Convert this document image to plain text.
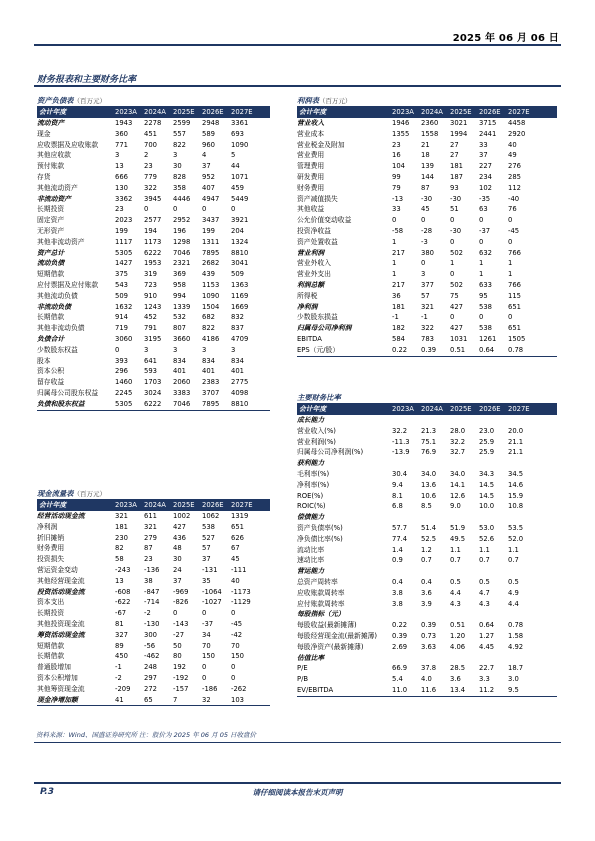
2025 年 06 月 06 日
财务报表和主要财务比率
资产负债表（百万元）
会计年度	2023A	2024A	2025E	2026E	2027E
流动资产	1943	2278	2599	2948	3361
现金	360	451	557	589	693
应收票据及应收账款	771	700	822	960	1090
其他应收款	3	2	3	4	5
预付账款	13	23	30	37	44
存货	666	779	828	952	1071
其他流动资产	130	322	358	407	459
非流动资产	3362	3945	4446	4947	5449
长期投资	23	0	0	0	0
固定资产	2023	2577	2952	3437	3921
无形资产	199	194	196	199	204
其他非流动资产	1117	1173	1298	1311	1324
资产总计	5305	6222	7046	7895	8810
流动负债	1427	1953	2321	2682	3041
短期借款	375	319	369	439	509
应付票据及应付账款	543	723	958	1153	1363
其他流动负债	509	910	994	1090	1169
非流动负债	1632	1243	1339	1504	1669
长期借款	914	452	532	682	832
其他非流动负债	719	791	807	822	837
负债合计	3060	3195	3660	4186	4709
少数股东权益	0	3	3	3	3
股本	393	641	834	834	834
资本公积	296	593	401	401	401
留存收益	1460	1703	2060	2383	2775
归属母公司股东权益	2245	3024	3383	3707	4098
负债和股东权益	5305	6222	7046	7895	8810
利润表（百万元）
会计年度	2023A	2024A	2025E	2026E	2027E
营业收入	1946	2360	3021	3715	4458
营业成本	1355	1558	1994	2441	2920
营业税金及附加	23	21	27	33	40
营业费用	16	18	27	37	49
管理费用	104	139	181	227	276
研发费用	99	144	187	234	285
财务费用	79	87	93	102	112
资产减值损失	-13	-30	-30	-35	-40
其他收益	33	45	51	63	76
公允价值变动收益	0	0	0	0	0
投资净收益	-58	-28	-30	-37	-45
资产处置收益	1	-3	0	0	0
营业利润	217	380	502	632	766
营业外收入	1	0	1	1	1
营业外支出	1	3	0	1	1
利润总额	217	377	502	633	766
所得税	36	57	75	95	115
净利润	181	321	427	538	651
少数股东损益	-1	-1	0	0	0
归属母公司净利润	182	322	427	538	651
EBITDA	584	783	1031	1261	1505
EPS（元/股）	0.22	0.39	0.51	0.64	0.78
主要财务比率
会计年度	2023A	2024A	2025E	2026E	2027E
成长能力
营业收入(%)	32.2	21.3	28.0	23.0	20.0
营业利润(%)	-11.3	75.1	32.2	25.9	21.1
归属母公司净利润(%)	-13.9	76.9	32.7	25.9	21.1
获利能力
毛利率(%)	30.4	34.0	34.0	34.3	34.5
净利率(%)	9.4	13.6	14.1	14.5	14.6
ROE(%)	8.1	10.6	12.6	14.5	15.9
ROIC(%)	6.8	8.5	9.0	10.0	10.8
偿债能力
资产负债率(%)	57.7	51.4	51.9	53.0	53.5
净负债比率(%)	77.4	52.5	49.5	52.6	52.0
流动比率	1.4	1.2	1.1	1.1	1.1
速动比率	0.9	0.7	0.7	0.7	0.7
营运能力
总资产周转率	0.4	0.4	0.5	0.5	0.5
应收账款周转率	3.8	3.6	4.4	4.7	4.9
应付账款周转率	3.8	3.9	4.3	4.3	4.4
每股指标（元）
每股收益(最新摊薄)	0.22	0.39	0.51	0.64	0.78
每股经营现金流(最新摊薄)	0.39	0.73	1.20	1.27	1.58
每股净资产(最新摊薄)	2.69	3.63	4.06	4.45	4.92
估值比率
P/E	66.9	37.8	28.5	22.7	18.7
P/B	5.4	4.0	3.6	3.3	3.0
EV/EBITDA	11.0	11.6	13.4	11.2	9.5
现金流量表（百万元）
会计年度	2023A	2024A	2025E	2026E	2027E
经营活动现金流	321	611	1002	1062	1319
净利润	181	321	427	538	651
折旧摊销	230	279	436	527	626
财务费用	82	87	48	57	67
投资损失	58	23	30	37	45
营运资金变动	-243	-136	24	-131	-111
其他经营现金流	13	38	37	35	40
投资活动现金流	-608	-847	-969	-1064	-1173
资本支出	-622	-714	-826	-1027	-1129
长期投资	-67	-2	0	0	0
其他投资现金流	81	-130	-143	-37	-45
筹资活动现金流	327	300	-27	34	-42
短期借款	89	-56	50	70	70
长期借款	450	-462	80	150	150
普通股增加	-1	248	192	0	0
资本公积增加	-2	297	-192	0	0
其他筹资现金流	-209	272	-157	-186	-262
现金净增加额	41	65	7	32	103
资料来源：Wind、国盛证券研究所 注：股价为 2025 年 06 月 05 日收盘价
P.3	请仔细阅读本报告末页声明
